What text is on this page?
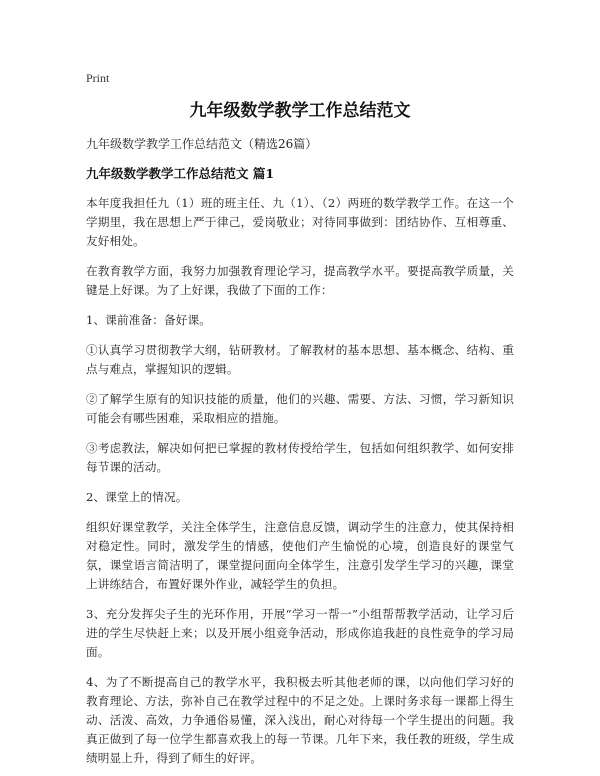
Print
九年级数学教学工作总结范文
九年级数学教学工作总结范文（精选26篇）
九年级数学教学工作总结范文 篇1

本年度我担任九（1）班的班主任、九（1）、（2）两班的数学教学工作。在这一个学期里，我在思想上严于律己，爱岗敬业；对待同事做到：团结协作、互相尊重、友好相处。

在教育教学方面，我努力加强教育理论学习，提高教学水平。要提高教学质量，关键是上好课。为了上好课，我做了下面的工作：

1、课前准备：备好课。

①认真学习贯彻教学大纲，钻研教材。了解教材的基本思想、基本概念、结构、重点与难点，掌握知识的逻辑。

②了解学生原有的知识技能的质量，他们的兴趣、需要、方法、习惯，学习新知识可能会有哪些困难，采取相应的措施。

③考虑教法，解决如何把已掌握的教材传授给学生，包括如何组织教学、如何安排每节课的活动。

2、课堂上的情况。

组织好课堂教学，关注全体学生，注意信息反馈，调动学生的注意力，使其保持相对稳定性。同时，激发学生的情感，使他们产生愉悦的心境，创造良好的课堂气氛，课堂语言简洁明了，课堂提问面向全体学生，注意引发学生学习的兴趣，课堂上讲练结合，布置好课外作业，减轻学生的负担。

3、充分发挥尖子生的光环作用，开展“学习一帮一”小组帮帮教学活动，让学习后进的学生尽快赶上来；以及开展小组竞争活动，形成你追我赶的良性竞争的学习局面。

4、为了不断提高自己的教学水平，我积极去听其他老师的课，以向他们学习好的教育理论、方法，弥补自己在教学过程中的不足之处。上课时务求每一课都上得生动、活泼、高效，力争通俗易懂，深入浅出，耐心对待每一个学生提出的问题。我真正做到了每一位学生都喜欢我上的每一节课。几年下来，我任教的班级，学生成绩明显上升，得到了师生的好评。
